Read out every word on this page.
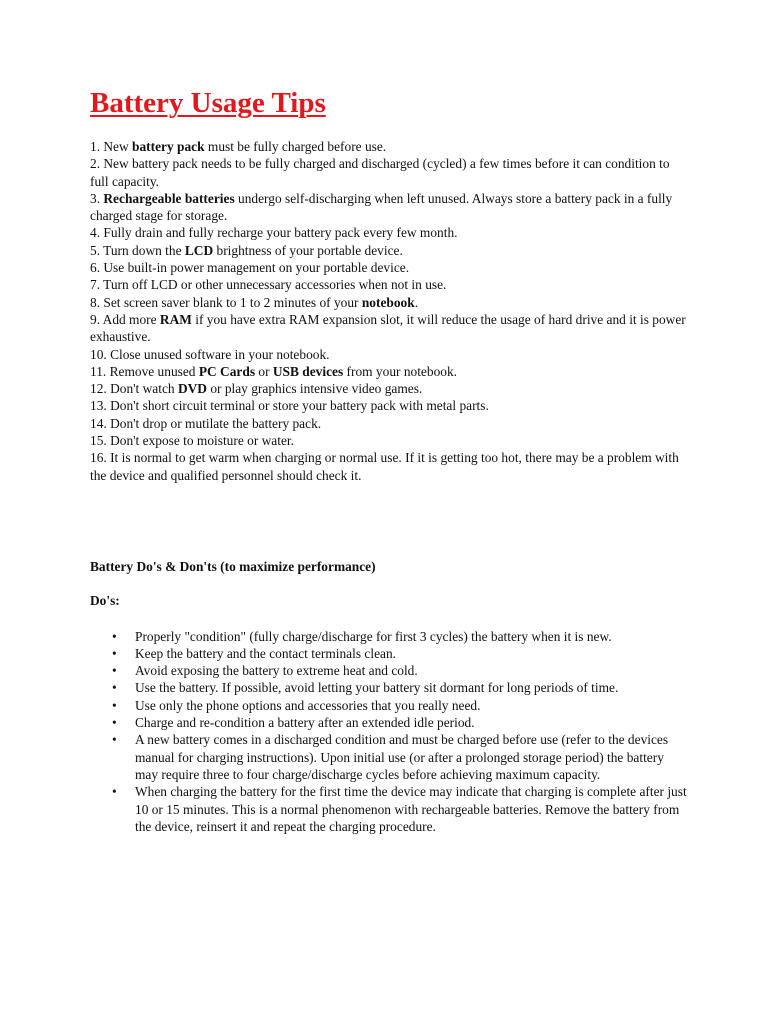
Battery Usage Tips

1. New battery pack must be fully charged before use.

2. New battery pack needs to be fully charged and discharged (cycled) a few times before it can condition to full capacity.

3. Rechargeable batteries undergo self-discharging when left unused. Always store a battery pack in a fully charged stage for storage.

4. Fully drain and fully recharge your battery pack every few month.

5. Turn down the LCD brightness of your portable device.

6. Use built-in power management on your portable device.

7. Turn off LCD or other unnecessary accessories when not in use.

8. Set screen saver blank to 1 to 2 minutes of your notebook.

9. Add more RAM if you have extra RAM expansion slot, it will reduce the usage of hard drive and it is power exhaustive.

10. Close unused software in your notebook.

11. Remove unused PC Cards or USB devices from your notebook.

12. Don't watch DVD or play graphics intensive video games.

13. Don't short circuit terminal or store your battery pack with metal parts.

14. Don't drop or mutilate the battery pack.

15. Don't expose to moisture or water.

16. It is normal to get warm when charging or normal use. If it is getting too hot, there may be a problem with the device and qualified personnel should check it.

Battery Do's & Don'ts (to maximize performance)

Do's:

• Properly "condition" (fully charge/discharge for first 3 cycles) the battery when it is new.
• Keep the battery and the contact terminals clean.
• Avoid exposing the battery to extreme heat and cold.
• Use the battery. If possible, avoid letting your battery sit dormant for long periods of time.
• Use only the phone options and accessories that you really need.
• Charge and re-condition a battery after an extended idle period.
• A new battery comes in a discharged condition and must be charged before use (refer to the devices manual for charging instructions). Upon initial use (or after a prolonged storage period) the battery may require three to four charge/discharge cycles before achieving maximum capacity.
• When charging the battery for the first time the device may indicate that charging is complete after just 10 or 15 minutes. This is a normal phenomenon with rechargeable batteries. Remove the battery from the device, reinsert it and repeat the charging procedure.
